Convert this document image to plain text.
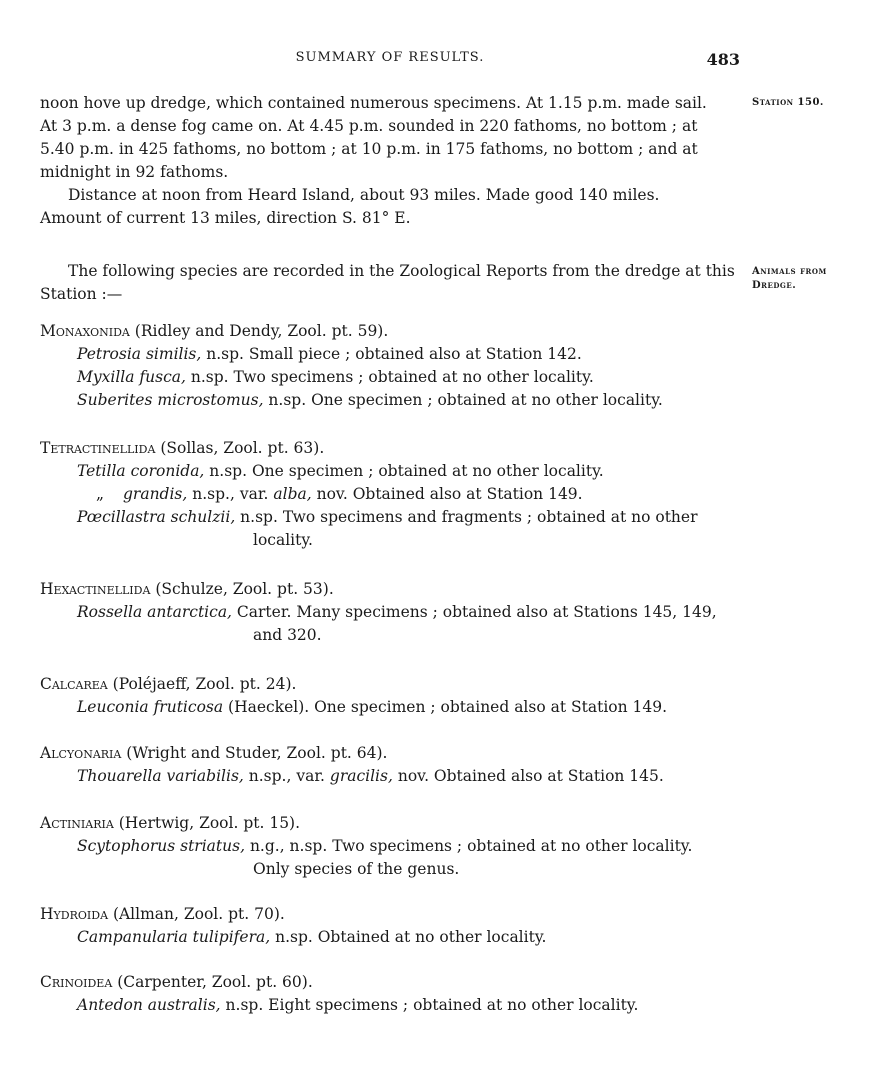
SUMMARY OF RESULTS.	483
Station 150.
Animals from
Dredge.

noon hove up dredge, which contained numerous specimens. At 1.15 p.m. made sail.

At 3 p.m. a dense fog came on. At 4.45 p.m. sounded in 220 fathoms, no bottom ; at

5.40 p.m. in 425 fathoms, no bottom ; at 10 p.m. in 175 fathoms, no bottom ; and at

midnight in 92 fathoms.

Distance at noon from Heard Island, about 93 miles. Made good 140 miles.

Amount of current 13 miles, direction S. 81° E.

The following species are recorded in the Zoological Reports from the dredge at this

Station :—

Monaxonida (Ridley and Dendy, Zool. pt. 59).

Petrosia similis, n.sp. Small piece ; obtained also at Station 142.

Myxilla fusca, n.sp. Two specimens ; obtained at no other locality.

Suberites microstomus, n.sp. One specimen ; obtained at no other locality.

Tetractinellida (Sollas, Zool. pt. 63).

Tetilla coronida, n.sp. One specimen ; obtained at no other locality.

„ grandis, n.sp., var. alba, nov. Obtained also at Station 149.

Pœcillastra schulzii, n.sp. Two specimens and fragments ; obtained at no other

locality.

Hexactinellida (Schulze, Zool. pt. 53).

Rossella antarctica, Carter. Many specimens ; obtained also at Stations 145, 149,

and 320.

Calcarea (Poléjaeff, Zool. pt. 24).

Leuconia fruticosa (Haeckel). One specimen ; obtained also at Station 149.

Alcyonaria (Wright and Studer, Zool. pt. 64).

Thouarella variabilis, n.sp., var. gracilis, nov. Obtained also at Station 145.

Actiniaria (Hertwig, Zool. pt. 15).

Scytophorus striatus, n.g., n.sp. Two specimens ; obtained at no other locality.

Only species of the genus.

Hydroida (Allman, Zool. pt. 70).

Campanularia tulipifera, n.sp. Obtained at no other locality.

Crinoidea (Carpenter, Zool. pt. 60).

Antedon australis, n.sp. Eight specimens ; obtained at no other locality.
